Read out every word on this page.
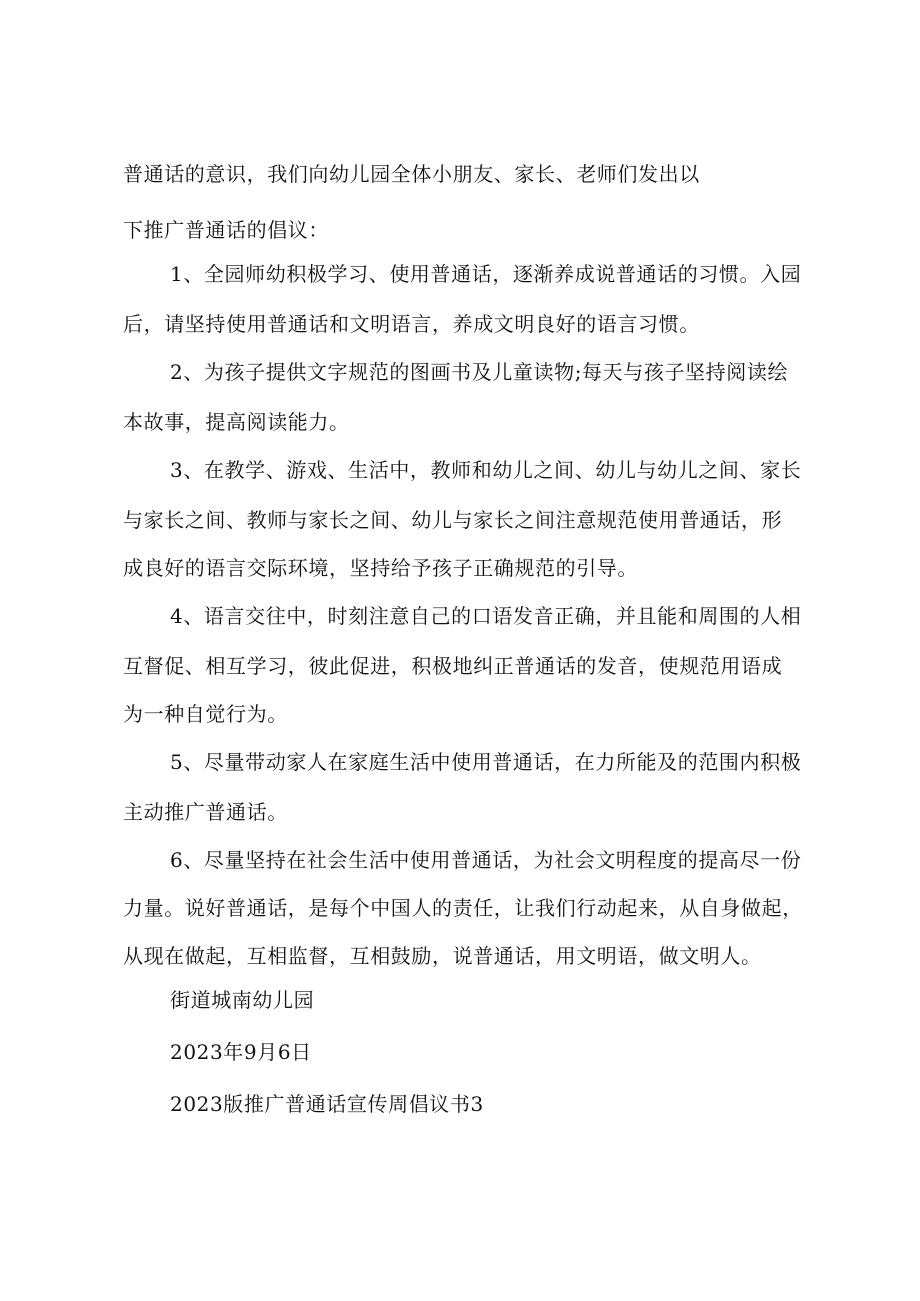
普通话的意识，我们向幼儿园全体小朋友、家长、老师们发出以
下推广普通话的倡议：
1、全园师幼积极学习、使用普通话，逐渐养成说普通话的习惯。入园
后，请坚持使用普通话和文明语言，养成文明良好的语言习惯。
2、为孩子提供文字规范的图画书及儿童读物;每天与孩子坚持阅读绘
本故事，提高阅读能力。
3、在教学、游戏、生活中，教师和幼儿之间、幼儿与幼儿之间、家长
与家长之间、教师与家长之间、幼儿与家长之间注意规范使用普通话，形
成良好的语言交际环境，坚持给予孩子正确规范的引导。
4、语言交往中，时刻注意自己的口语发音正确，并且能和周围的人相
互督促、相互学习，彼此促进，积极地纠正普通话的发音，使规范用语成
为一种自觉行为。
5、尽量带动家人在家庭生活中使用普通话，在力所能及的范围内积极
主动推广普通话。
6、尽量坚持在社会生活中使用普通话，为社会文明程度的提高尽一份
力量。说好普通话，是每个中国人的责任，让我们行动起来，从自身做起，
从现在做起，互相监督，互相鼓励，说普通话，用文明语，做文明人。
街道城南幼儿园
2023年9月6日
2023版推广普通话宣传周倡议书3
